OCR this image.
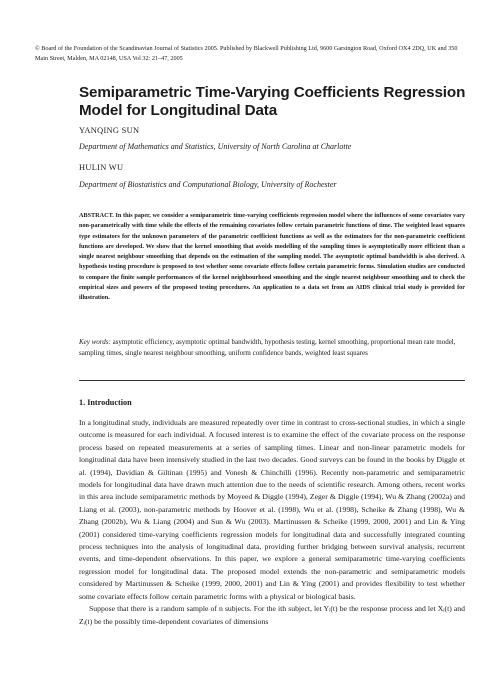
© Board of the Foundation of the Scandinavian Journal of Statistics 2005. Published by Blackwell Publishing Ltd, 9600 Garsington Road, Oxford OX4 2DQ, UK and 350 Main Street, Malden, MA 02148, USA Vol 32: 21–47, 2005
Semiparametric Time-Varying Coefficients Regression Model for Longitudinal Data
YANQING SUN
Department of Mathematics and Statistics, University of North Carolina at Charlotte
HULIN WU
Department of Biostatistics and Computational Biology, University of Rochester
ABSTRACT. In this paper, we consider a semiparametric time-varying coefficients regression model where the influences of some covariates vary non-parametrically with time while the effects of the remaining covariates follow certain parametric functions of time. The weighted least squares type estimators for the unknown parameters of the parametric coefficient functions as well as the estimators for the non-parametric coefficient functions are developed. We show that the kernel smoothing that avoids modelling of the sampling times is asymptotically more efficient than a single nearest neighbour smoothing that depends on the estimation of the sampling model. The asymptotic optimal bandwidth is also derived. A hypothesis testing procedure is proposed to test whether some covariate effects follow certain parametric forms. Simulation studies are conducted to compare the finite sample performances of the kernel neighbourhood smoothing and the single nearest neighbour smoothing and to check the empirical sizes and powers of the proposed testing procedures. An application to a data set from an AIDS clinical trial study is provided for illustration.
Key words: asymptotic efficiency, asymptotic optimal bandwidth, hypothesis testing, kernel smoothing, proportional mean rate model, sampling times, single nearest neighbour smoothing, uniform confidence bands, weighted least squares
1. Introduction

In a longitudinal study, individuals are measured repeatedly over time in contrast to cross-sectional studies, in which a single outcome is measured for each individual. A focused interest is to examine the effect of the covariate process on the response process based on repeated measurements at a series of sampling times. Linear and non-linear parametric models for longitudinal data have been intensively studied in the last two decades. Good surveys can be found in the books by Diggle et al. (1994), Davidian & Giltinan (1995) and Vonesh & Chinchilli (1996). Recently non-parametric and semiparametric models for longitudinal data have drawn much attention due to the needs of scientific research. Among others, recent works in this area include semiparametric methods by Moyeed & Diggle (1994), Zeger & Diggle (1994), Wu & Zhang (2002a) and Liang et al. (2003), non-parametric methods by Hoover et al. (1998), Wu et al. (1998), Scheike & Zhang (1998), Wu & Zhang (2002b), Wu & Liang (2004) and Sun & Wu (2003). Martinussen & Scheike (1999, 2000, 2001) and Lin & Ying (2001) considered time-varying coefficients regression models for longitudinal data and successfully integrated counting process techniques into the analysis of longitudinal data, providing further bridging between survival analysis, recurrent events, and time-dependent observations. In this paper, we explore a general semiparametric time-varying coefficients regression model for longitudinal data. The proposed model extends the non-parametric and semiparametric models considered by Martinussen & Scheike (1999, 2000, 2001) and Lin & Ying (2001) and provides flexibility to test whether some covariate effects follow certain parametric forms with a physical or biological basis.

Suppose that there is a random sample of n subjects. For the ith subject, let Yᵢ(t) be the response process and let Xᵢ(t) and Zᵢ(t) be the possibly time-dependent covariates of dimensions
